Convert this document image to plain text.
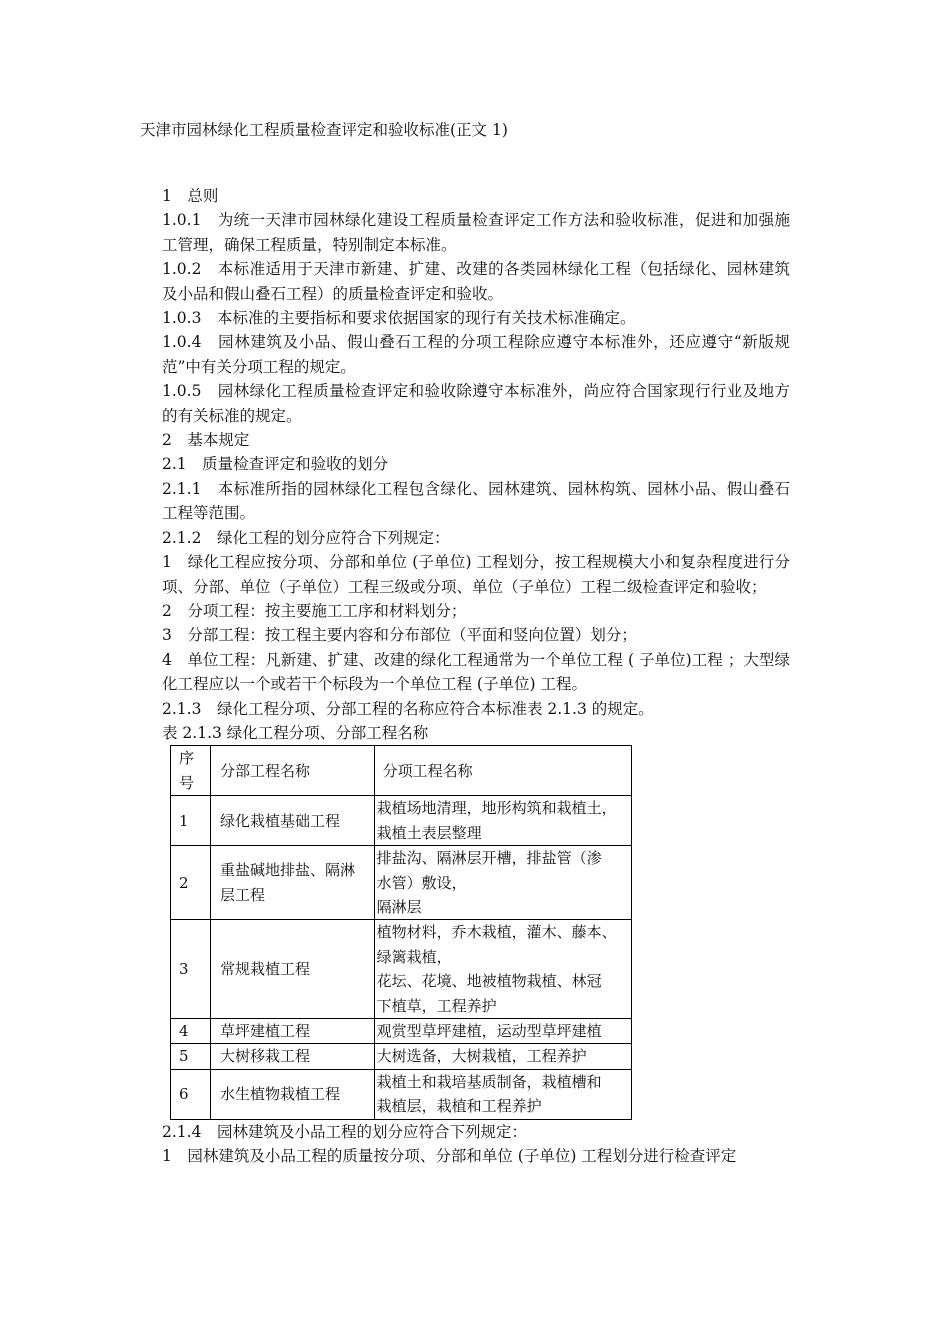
天津市园林绿化工程质量检查评定和验收标准(正文 1)

1　总则

1.0.1　为统一天津市园林绿化建设工程质量检查评定工作方法和验收标准，促进和加强施工管理，确保工程质量，特别制定本标准。

1.0.2　本标准适用于天津市新建、扩建、改建的各类园林绿化工程（包括绿化、园林建筑及小品和假山叠石工程）的质量检查评定和验收。

1.0.3　本标准的主要指标和要求依据国家的现行有关技术标准确定。

1.0.4　园林建筑及小品、假山叠石工程的分项工程除应遵守本标准外，还应遵守“新版规范”中有关分项工程的规定。

1.0.5　园林绿化工程质量检查评定和验收除遵守本标准外，尚应符合国家现行行业及地方的有关标准的规定。

2　基本规定

2.1　质量检查评定和验收的划分

2.1.1　本标准所指的园林绿化工程包含绿化、园林建筑、园林构筑、园林小品、假山叠石工程等范围。

2.1.2　绿化工程的划分应符合下列规定：

1　绿化工程应按分项、分部和单位 (子单位) 工程划分，按工程规模大小和复杂程度进行分项、分部、单位（子单位）工程三级或分项、单位（子单位）工程二级检查评定和验收；

2　分项工程：按主要施工工序和材料划分；

3　分部工程：按工程主要内容和分布部位（平面和竖向位置）划分；

4　单位工程：凡新建、扩建、改建的绿化工程通常为一个单位工程 ( 子单位)工程 ；大型绿化工程应以一个或若干个标段为一个单位工程 (子单位) 工程。

2.1.3　绿化工程分项、分部工程的名称应符合本标准表 2.1.3 的规定。

表 2.1.3 绿化工程分项、分部工程名称
序
号	分部工程名称	分项工程名称
1	绿化栽植基础工程	栽植场地清理，地形构筑和栽植土，
栽植土表层整理

2	重盐碱地排盐、隔淋
层工程	排盐沟、隔淋层开槽，排盐管（渗
水管）敷设，
隔淋层

3	常规栽植工程	植物材料，乔木栽植，灌木、藤本、
绿篱栽植，
花坛、花境、地被植物栽植、林冠
下植草，工程养护

4	草坪建植工程	观赏型草坪建植，运动型草坪建植

5	大树移栽工程	大树选备，大树栽植，工程养护

6	水生植物栽植工程	栽植土和栽培基质制备，栽植槽和
栽植层，栽植和工程养护

2.1.4　园林建筑及小品工程的划分应符合下列规定：

1　园林建筑及小品工程的质量按分项、分部和单位 (子单位) 工程划分进行检查评定
